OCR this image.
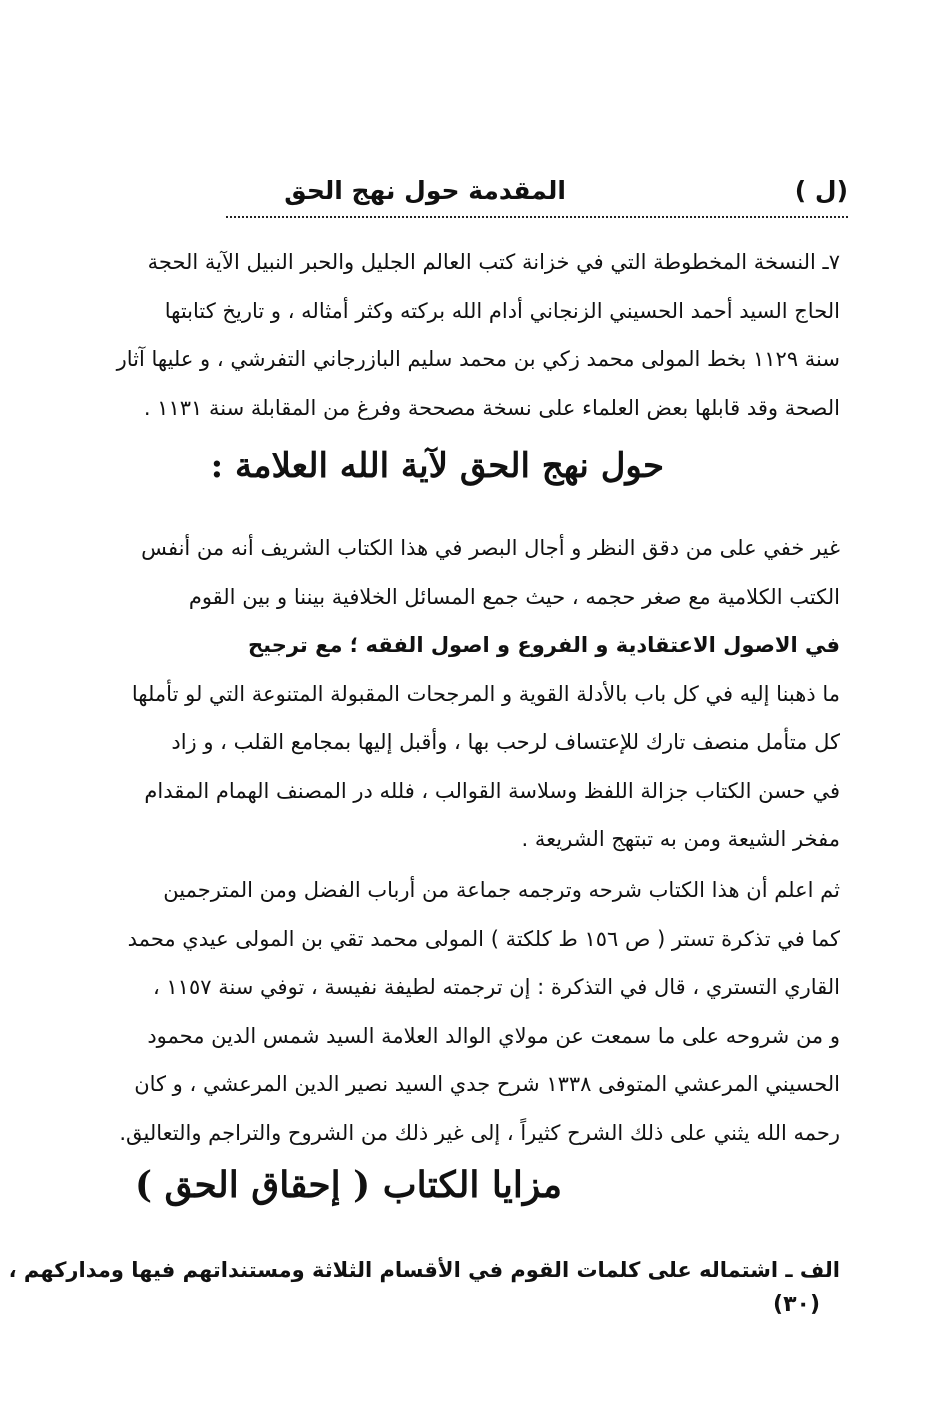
المقدمة حول نهج الحق	(ل )
٧ـ النسخة المخطوطة التي في خزانة كتب العالم الجليل والحبر النبيل الآية الحجة
الحاج السيد أحمد الحسيني الزنجاني أدام الله بركته وكثر أمثاله ، و تاريخ كتابتها
سنة ١١٢٩ بخط المولى محمد زكي بن محمد سليم البازرجاني التفرشي ، و عليها آثار
الصحة وقد قابلها بعض العلماء على نسخة مصححة وفرغ من المقابلة سنة ١١٣١ .
حول نهج الحق لآية الله العلامة :
غير خفي على من دقق النظر و أجال البصر في هذا الكتاب الشريف أنه من أنفس
الكتب الكلامية مع صغر حجمه ، حيث جمع المسائل الخلافية بيننا و بين القوم
في الاصول الاعتقادية و الفروع و اصول الفقه ؛ مع ترجيح
ما ذهبنا إليه في كل باب بالأدلة القوية و المرجحات المقبولة المتنوعة التي لو تأملها
كل متأمل منصف تارك للإعتساف لرحب بها ، وأقبل إليها بمجامع القلب ، و زاد
في حسن الكتاب جزالة اللفظ وسلاسة القوالب ، فلله در المصنف الهمام المقدام
مفخر الشيعة ومن به تبتهج الشريعة .
ثم اعلم أن هذا الكتاب شرحه وترجمه جماعة من أرباب الفضل ومن المترجمين
كما في تذكرة تستر ( ص ١٥٦ ط كلكتة ) المولى محمد تقي بن المولى عيدي محمد
القاري التستري ، قال في التذكرة : إن ترجمته لطيفة نفيسة ، توفي سنة ١١٥٧ ،
و من شروحه على ما سمعت عن مولاي الوالد العلامة السيد شمس الدين محمود
الحسيني المرعشي المتوفى ١٣٣٨ شرح جدي السيد نصير الدين المرعشي ، و كان
رحمه الله يثني على ذلك الشرح كثيراً ، إلى غير ذلك من الشروح والتراجم والتعاليق.
مزايا الكتاب ( إحقاق الحق )
الف ـ اشتماله على كلمات القوم في الأقسام الثلاثة ومستنداتهم فيها ومداركهم ،
(٣٠)
